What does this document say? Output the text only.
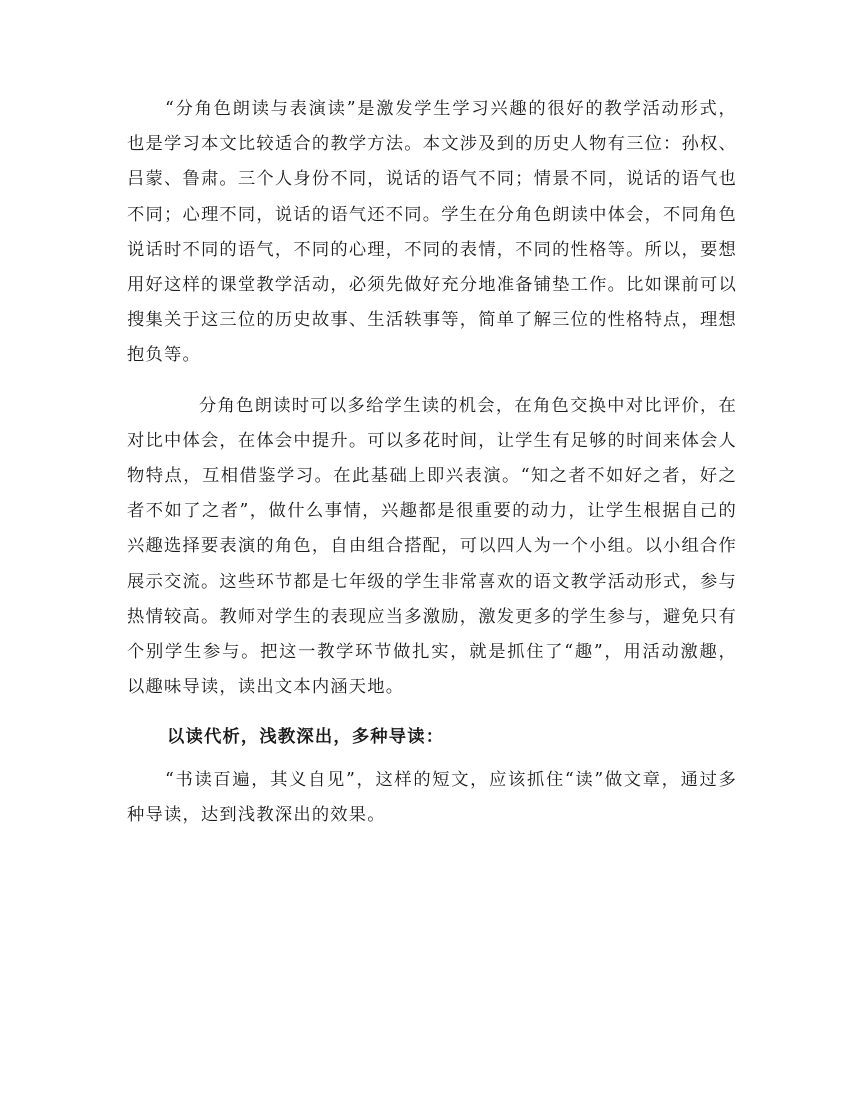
“分角色朗读与表演读”是激发学生学习兴趣的很好的教学活动形式，也是学习本文比较适合的教学方法。本文涉及到的历史人物有三位：孙权、吕蒙、鲁肃。三个人身份不同，说话的语气不同；情景不同，说话的语气也不同；心理不同，说话的语气还不同。学生在分角色朗读中体会，不同角色说话时不同的语气，不同的心理，不同的表情，不同的性格等。所以，要想用好这样的课堂教学活动，必须先做好充分地准备铺垫工作。比如课前可以搜集关于这三位的历史故事、生活轶事等，简单了解三位的性格特点，理想抱负等。

分角色朗读时可以多给学生读的机会，在角色交换中对比评价，在对比中体会，在体会中提升。可以多花时间，让学生有足够的时间来体会人物特点，互相借鉴学习。在此基础上即兴表演。“知之者不如好之者，好之者不如了之者”，做什么事情，兴趣都是很重要的动力，让学生根据自己的兴趣选择要表演的角色，自由组合搭配，可以四人为一个小组。以小组合作展示交流。这些环节都是七年级的学生非常喜欢的语文教学活动形式，参与热情较高。教师对学生的表现应当多激励，激发更多的学生参与，避免只有个别学生参与。把这一教学环节做扎实，就是抓住了“趣”，用活动激趣，以趣味导读，读出文本内涵天地。

以读代析，浅教深出，多种导读：

“书读百遍，其义自见”，这样的短文，应该抓住“读”做文章，通过多种导读，达到浅教深出的效果。
